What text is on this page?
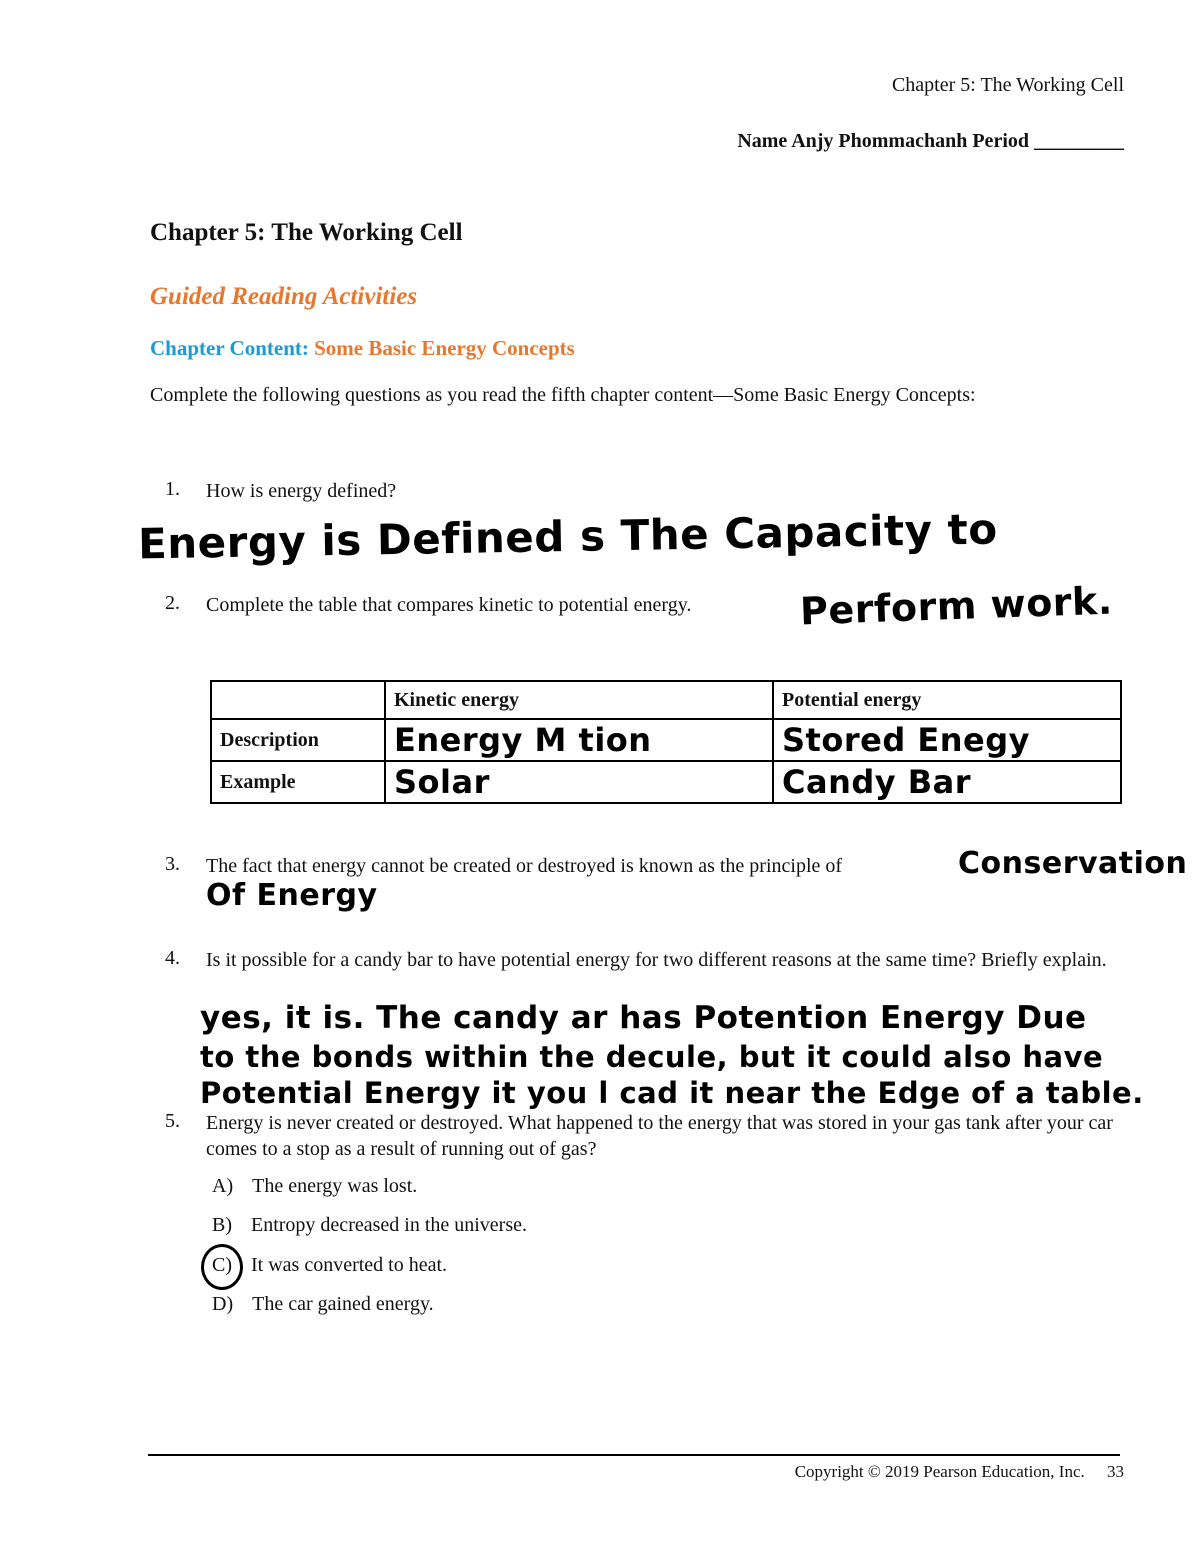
Chapter 5: The Working Cell
Name Anjy Phommachanh Period _________
Chapter 5: The Working Cell
Guided Reading Activities
Chapter Content: Some Basic Energy Concepts
Complete the following questions as you read the fifth chapter content—Some Basic Energy Concepts:
1. How is energy defined?
Energy is Defined s The Capacity to
2. Complete the table that compares kinetic to potential energy.	Perform work.
	Kinetic energy	Potential energy
Description	Energy M tion	Stored Enegy
Example	Solar	Candy Bar
3. The fact that energy cannot be created or destroyed is known as the principle of	Conservation
Of Energy
4. Is it possible for a candy bar to have potential energy for two different reasons at the same time? Briefly explain.
yes, it is. The candy ar has Potention Energy Due
to the bonds within the decule, but it could also have
Potential Energy it you l cad it near the Edge of a table.
5. Energy is never created or destroyed. What happened to the energy that was stored in your gas tank after your car comes to a stop as a result of running out of gas?
A) The energy was lost.
B) Entropy decreased in the universe.
C) It was converted to heat.
D) The car gained energy.
Copyright © 2019 Pearson Education, Inc. 33
